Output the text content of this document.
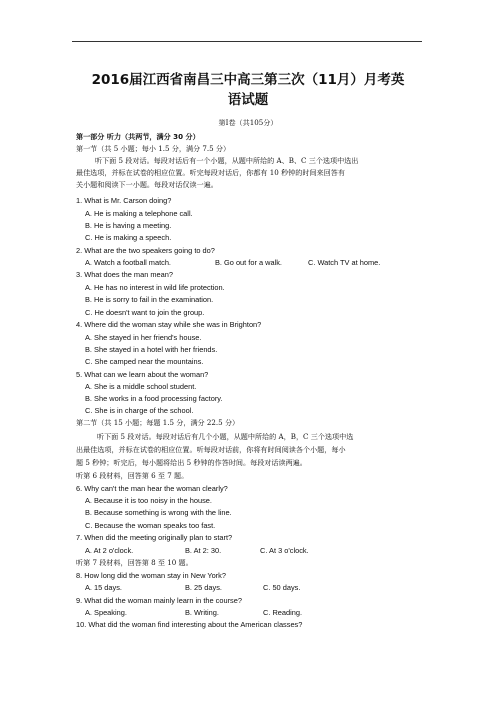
2016届江西省南昌三中高三第三次（11月）月考英
语试题
第Ⅰ卷（共105分）
第一部分 听力（共两节，满分 30 分）
第一节（共 5 小题；每小 1.5 分，满分 7.5 分）
听下面 5 段对话。每段对话后有一个小题，从题中所给的 A、B、C 三个选项中选出
最佳选项，并标在试卷的相应位置。听完每段对话后，你都有 10 秒钟的时间来回答有
关小题和阅读下一小题。每段对话仅读一遍。
1. What is Mr. Carson doing?
A. He is making a telephone call.
B. He is having a meeting.
C. He is making a speech.
2. What are the two speakers going to do?
A. Watch a football match.	B. Go out for a walk.	C. Watch TV at home.
3. What does the man mean?
A. He has no interest in wild life protection.
B. He is sorry to fail in the examination.
C. He doesn't want to join the group.
4. Where did the woman stay while she was in Brighton?
A. She stayed in her friend's house.
B. She stayed in a hotel with her friends.
C. She camped near the mountains.
5. What can we learn about the woman?
A. She is a middle school student.
B. She works in a food processing factory.
C. She is in charge of the school.
第二节（共 15 小题；每题 1.5 分，满分 22.5 分）
听下面 5 段对话。每段对话后有几个小题，从题中所给的 A，B，C 三个选项中选
出最佳选项，并标在试卷的相应位置。听每段对话前，你将有时间阅读各个小题，每小
题 5 秒钟；听完后，每小题将给出 5 秒钟的作答时间。每段对话读两遍。
听第 6 段材料，回答第 6 至 7 题。
6. Why can't the man hear the woman clearly?
A. Because it is too noisy in the house.
B. Because something is wrong with the line.
C. Because the woman speaks too fast.
7. When did the meeting originally plan to start?
A. At 2 o'clock.	B. At 2: 30.	C. At 3 o'clock.
听第 7 段材料，回答第 8 至 10 题。
8. How long did the woman stay in New York?
A. 15 days.	B. 25 days.	C. 50 days.
9. What did the woman mainly learn in the course?
A. Speaking.	B. Writing.	C. Reading.
10. What did the woman find interesting about the American classes?
